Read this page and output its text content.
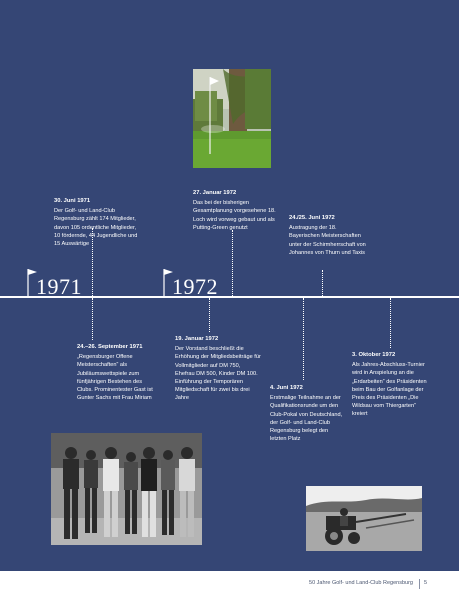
1971	1972
30. Juni 1971
Der Golf- und Land-Club Regensburg zählt 174 Mitglieder, davon 105 ordentliche Mitglieder, 10 fördernde, 44 Jugendliche und 15 Auswärtige
27. Januar 1972
Das bei der bisherigen Gesamtplanung vorgesehene 18. Loch wird vorweg gebaut und als Putting-Green genutzt
24./25. Juni 1972
Austragung der 18. Bayerischen Meisterschaften unter der Schirmherrschaft von Johannes von Thurn und Taxis
24.–26. September 1971
„Regensburger Offene Meisterschaften“ als Jubiläumswettspiele zum fünfjährigen Bestehen des Clubs. Prominentester Gast ist Gunter Sachs mit Frau Miriam
19. Januar 1972
Der Vorstand beschließt die Erhöhung der Mitgliedsbeiträge für Vollmitglieder auf DM 750, Ehefrau DM 500, Kinder DM 100. Einführung der Temporären Mitgliedschaft für zwei bis drei Jahre
4. Juni 1972
Erstmalige Teilnahme an der Qualifikationsrunde um den Club-Pokal von Deutschland, der Golf- und Land-Club Regensburg belegt den letzten Platz
3. Oktober 1972
Als Jahres-Abschluss-Turnier wird in Anspielung an die „Erdarbeiten“ des Präsidenten beim Bau der Golfanlage der Preis des Präsidenten „Die Wildsau vom Thiergarten“ kreiert
50 Jahre Golf- und Land-Club Regensburg 5
